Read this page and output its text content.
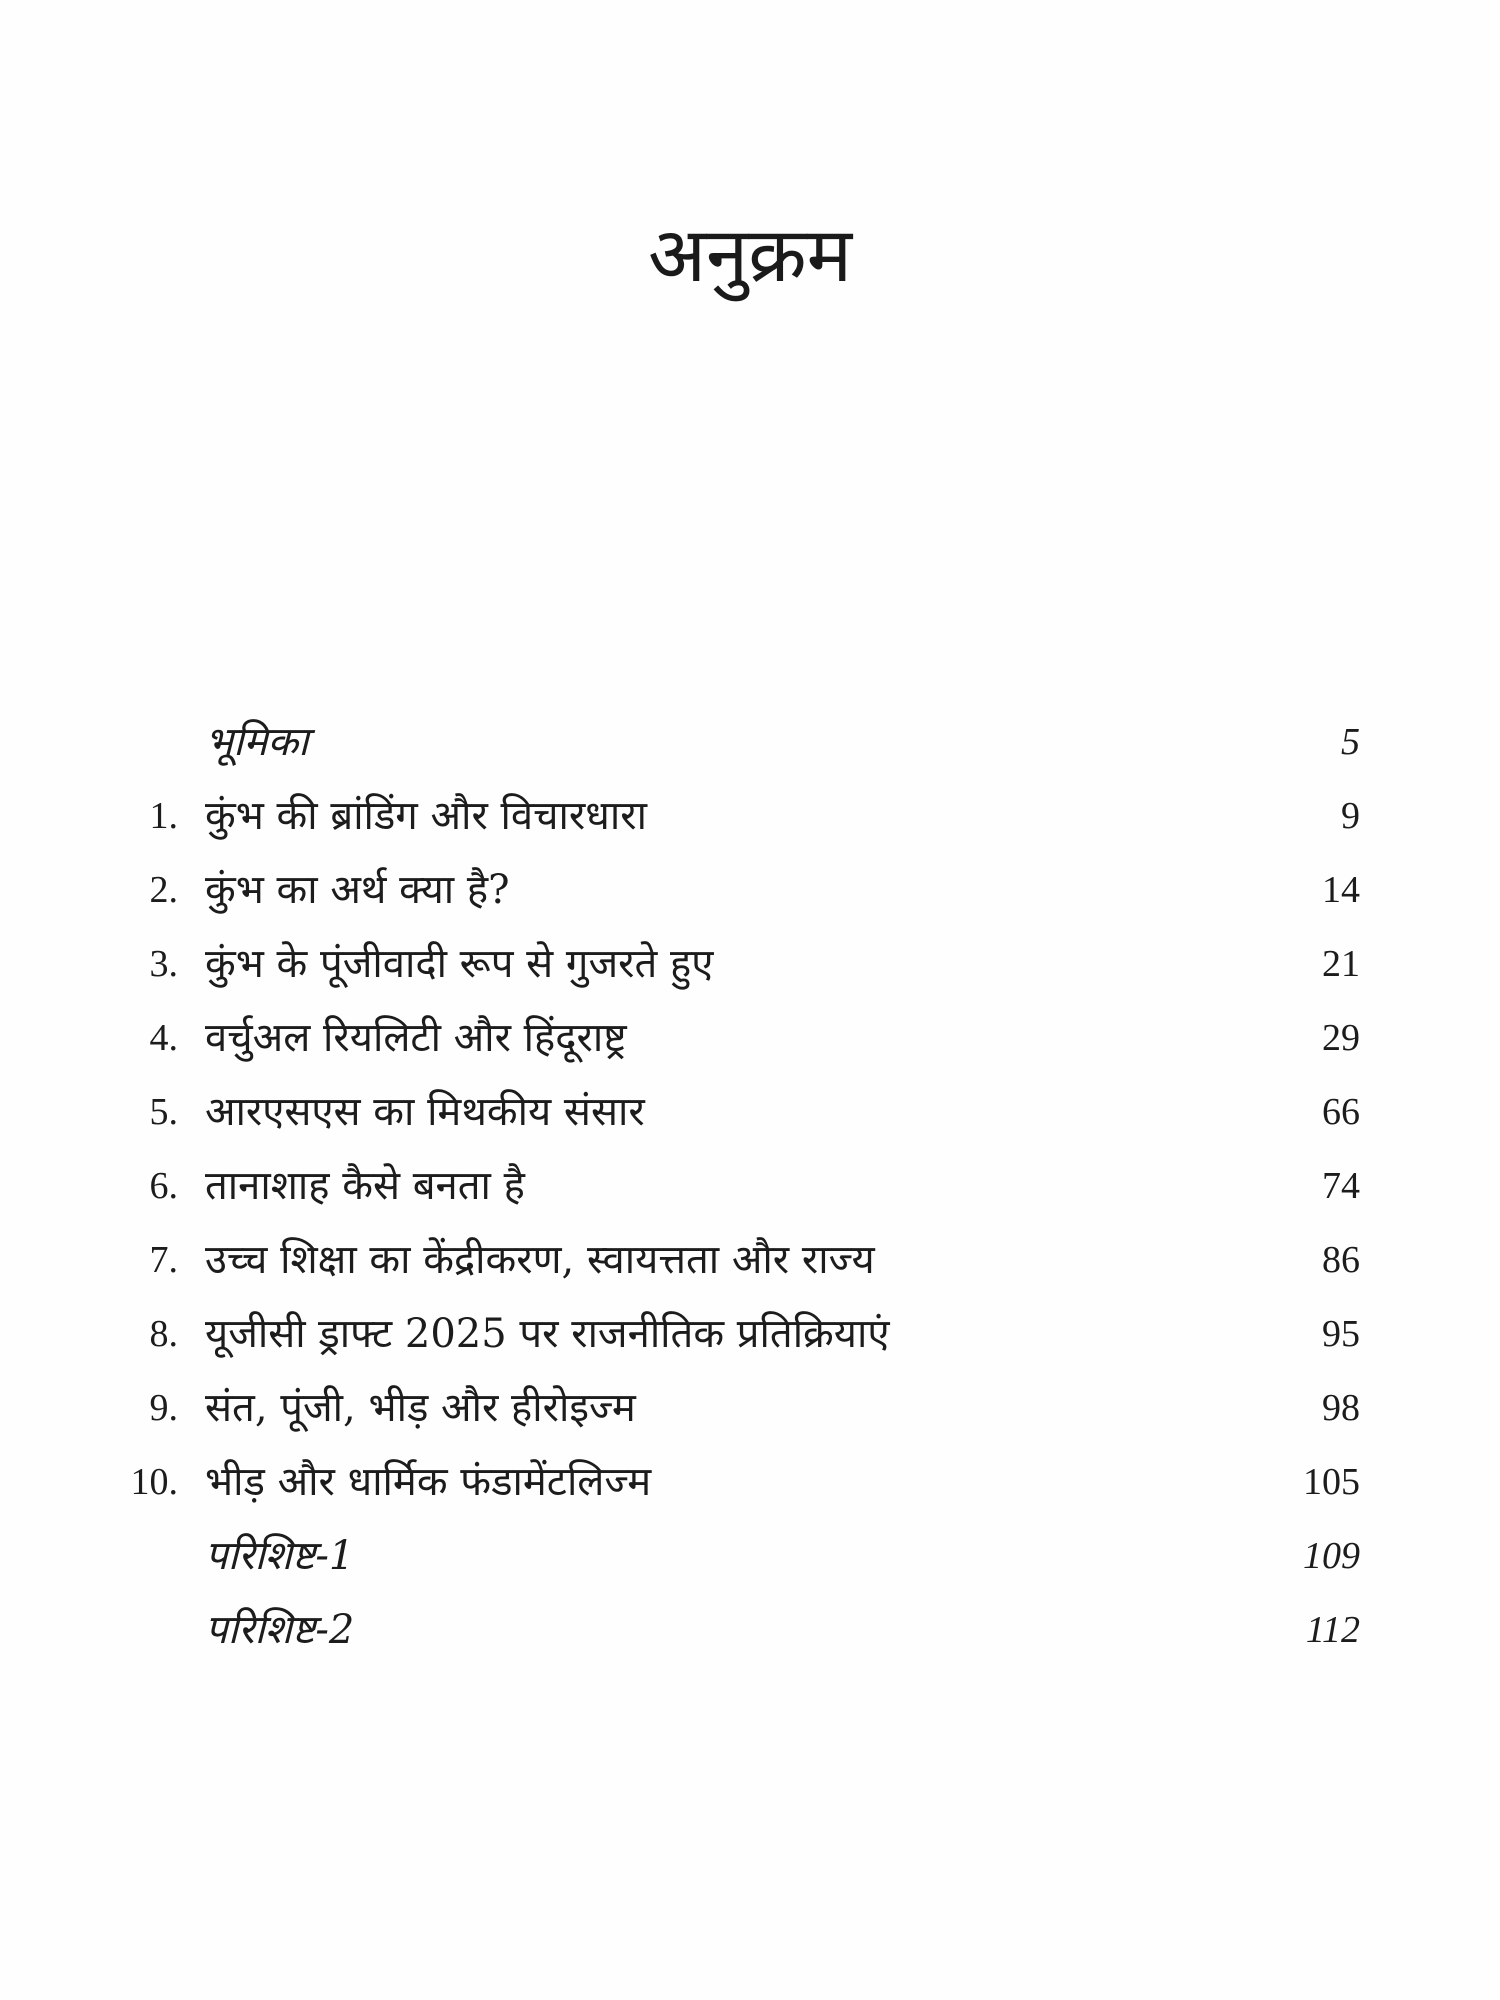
अनुक्रम
भूमिका	5
1. कुंभ की ब्रांडिंग और विचारधारा	9
2. कुंभ का अर्थ क्या है?	14
3. कुंभ के पूंजीवादी रूप से गुजरते हुए	21
4. वर्चुअल रियलिटी और हिंदूराष्ट्र	29
5. आरएसएस का मिथकीय संसार	66
6. तानाशाह कैसे बनता है	74
7. उच्च शिक्षा का केंद्रीकरण, स्वायत्तता और राज्य	86
8. यूजीसी ड्राफ्ट 2025 पर राजनीतिक प्रतिक्रियाएं	95
9. संत, पूंजी, भीड़ और हीरोइज्म	98
10. भीड़ और धार्मिक फंडामेंटलिज्म	105
परिशिष्ट-1	109
परिशिष्ट-2	112
